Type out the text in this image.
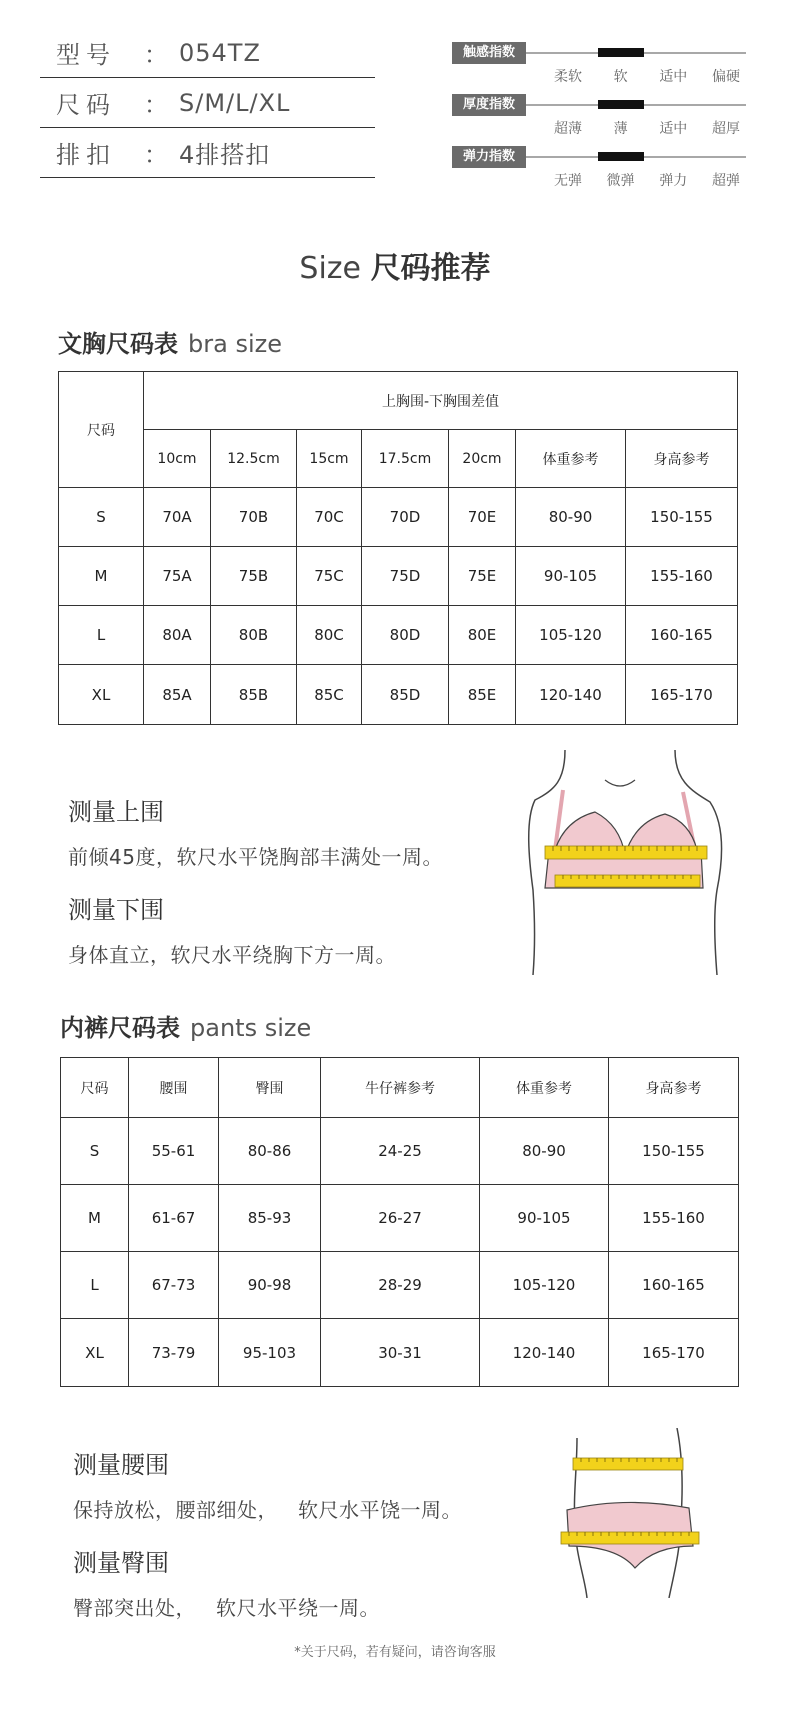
型号	： 054TZ
尺码	： S/M/L/XL
排扣	： 4排搭扣
触感指数
柔软	软	适中	偏硬
厚度指数
超薄	薄	适中	超厚
弹力指数
无弹	微弹	弹力	超弹
Size 尺码推荐
文胸尺码表 bra size
尺码	上胸围-下胸围差值						
	10cm	12.5cm	15cm	17.5cm	20cm	体重参考	身高参考
S	70A	70B	70C	70D	70E	80-90	150-155
M	75A	75B	75C	75D	75E	90-105	155-160
L	80A	80B	80C	80D	80E	105-120	160-165
XL	85A	85B	85C	85D	85E	120-140	165-170
测量上围
前倾45度，软尺水平饶胸部丰满处一周。
测量下围
身体直立，软尺水平绕胸下方一周。
内裤尺码表 pants size
尺码	腰围	臀围	牛仔裤参考	体重参考	身高参考
S	55-61	80-86	24-25	80-90	150-155
M	61-67	85-93	26-27	90-105	155-160
L	67-73	90-98	28-29	105-120	160-165
XL	73-79	95-103	30-31	120-140	165-170
测量腰围
保持放松，腰部细处， 软尺水平饶一周。
测量臀围
臀部突出处， 软尺水平绕一周。
*关于尺码，若有疑问，请咨询客服
